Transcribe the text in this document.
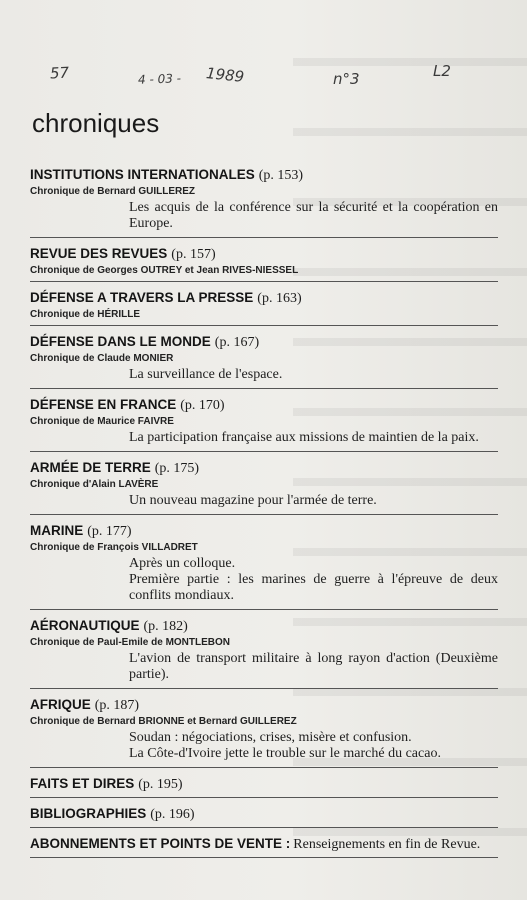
57	4 - 03 - 1989	n°3	L2
chroniques
INSTITUTIONS INTERNATIONALES (p. 153)
Chronique de Bernard GUILLEREZ
Les acquis de la conférence sur la sécurité et la coopération en Europe.
REVUE DES REVUES (p. 157)
Chronique de Georges OUTREY et Jean RIVES-NIESSEL
DÉFENSE A TRAVERS LA PRESSE (p. 163)
Chronique de HÉRILLE
DÉFENSE DANS LE MONDE (p. 167)
Chronique de Claude MONIER
La surveillance de l'espace.
DÉFENSE EN FRANCE (p. 170)
Chronique de Maurice FAIVRE
La participation française aux missions de maintien de la paix.
ARMÉE DE TERRE (p. 175)
Chronique d'Alain LAVÈRE
Un nouveau magazine pour l'armée de terre.
MARINE (p. 177)
Chronique de François VILLADRET
Après un colloque.
Première partie : les marines de guerre à l'épreuve de deux conflits mondiaux.
AÉRONAUTIQUE (p. 182)
Chronique de Paul-Emile de MONTLEBON
L'avion de transport militaire à long rayon d'action (Deuxième partie).
AFRIQUE (p. 187)
Chronique de Bernard BRIONNE et Bernard GUILLEREZ
Soudan : négociations, crises, misère et confusion.
La Côte-d'Ivoire jette le trouble sur le marché du cacao.
FAITS ET DIRES (p. 195)
BIBLIOGRAPHIES (p. 196)
ABONNEMENTS ET POINTS DE VENTE : Renseignements en fin de Revue.
